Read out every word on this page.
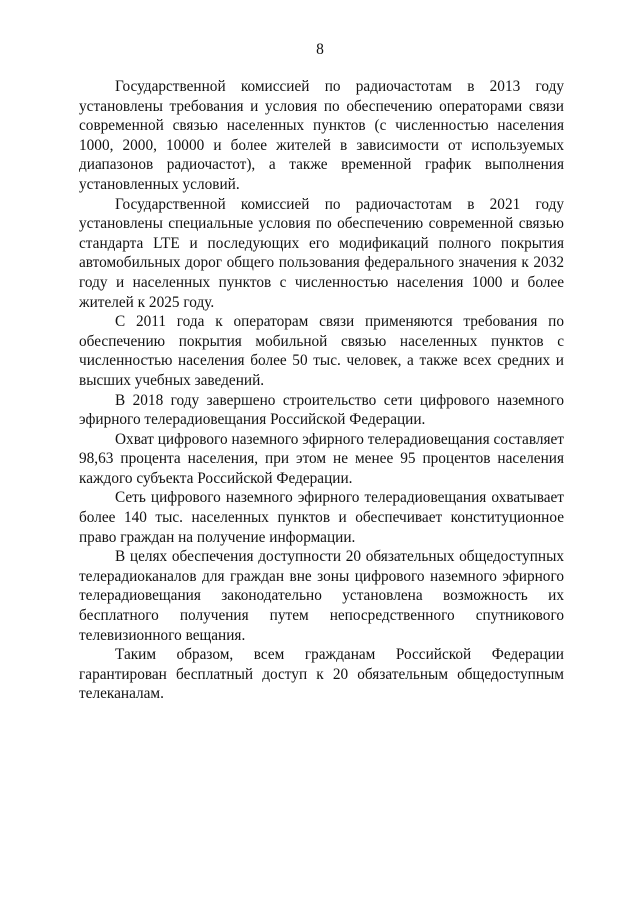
8

Государственной комиссией по радиочастотам в 2013 году установлены требования и условия по обеспечению операторами связи современной связью населенных пунктов (с численностью населения 1000, 2000, 10000 и более жителей в зависимости от используемых диапазонов радиочастот), а также временной график выполнения установленных условий.

Государственной комиссией по радиочастотам в 2021 году установлены специальные условия по обеспечению современной связью стандарта LTE и последующих его модификаций полного покрытия автомобильных дорог общего пользования федерального значения к 2032 году и населенных пунктов с численностью населения 1000 и более жителей к 2025 году.

С 2011 года к операторам связи применяются требования по обеспечению покрытия мобильной связью населенных пунктов с численностью населения более 50 тыс. человек, а также всех средних и высших учебных заведений.

В 2018 году завершено строительство сети цифрового наземного эфирного телерадиовещания Российской Федерации.

Охват цифрового наземного эфирного телерадиовещания составляет 98,63 процента населения, при этом не менее 95 процентов населения каждого субъекта Российской Федерации.

Сеть цифрового наземного эфирного телерадиовещания охватывает более 140 тыс. населенных пунктов и обеспечивает конституционное право граждан на получение информации.

В целях обеспечения доступности 20 обязательных общедоступных телерадиоканалов для граждан вне зоны цифрового наземного эфирного телерадиовещания законодательно установлена возможность их бесплатного получения путем непосредственного спутникового телевизионного вещания.

Таким образом, всем гражданам Российской Федерации гарантирован бесплатный доступ к 20 обязательным общедоступным телеканалам.
